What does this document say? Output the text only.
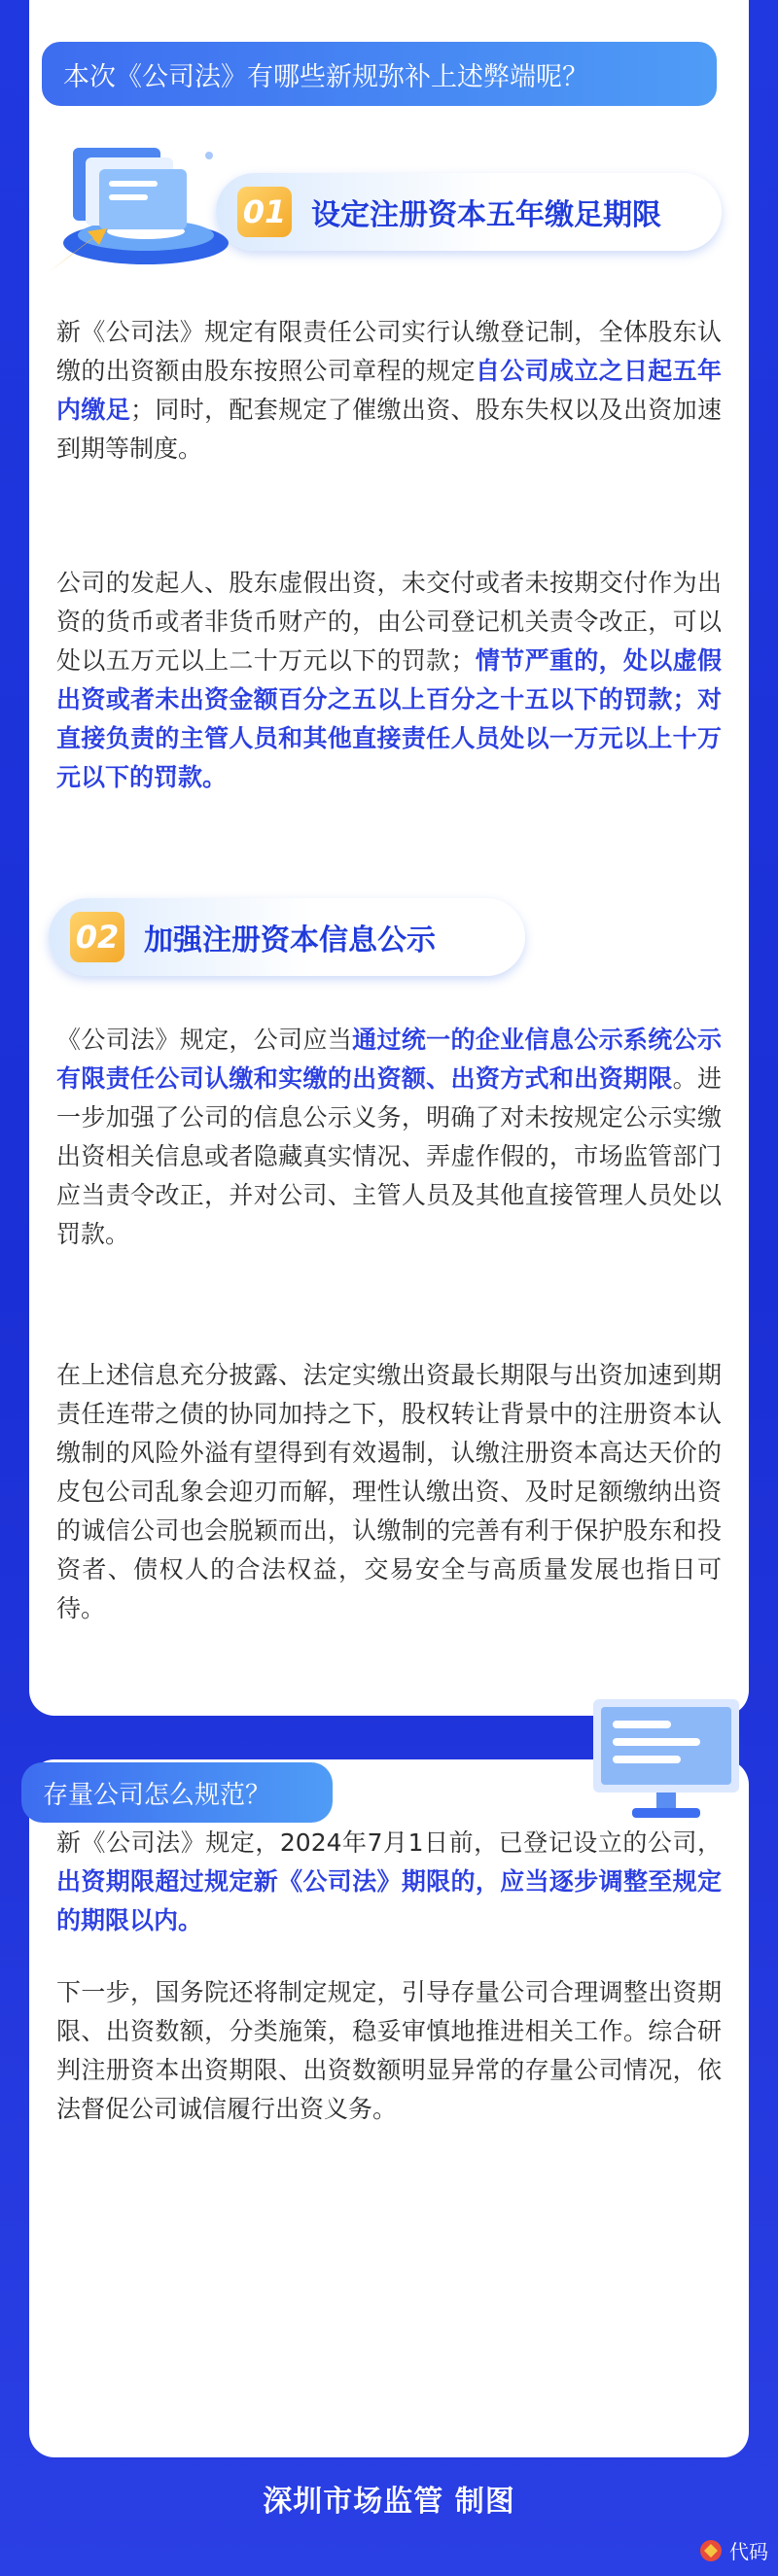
本次《公司法》有哪些新规弥补上述弊端呢？
01 设定注册资本五年缴足期限

新《公司法》规定有限责任公司实行认缴登记制，全体股东认缴的出资额由股东按照公司章程的规定自公司成立之日起五年内缴足；同时，配套规定了催缴出资、股东失权以及出资加速到期等制度。

公司的发起人、股东虚假出资，未交付或者未按期交付作为出资的货币或者非货币财产的，由公司登记机关责令改正，可以处以五万元以上二十万元以下的罚款；情节严重的，处以虚假出资或者未出资金额百分之五以上百分之十五以下的罚款；对直接负责的主管人员和其他直接责任人员处以一万元以上十万元以下的罚款。

02 加强注册资本信息公示

《公司法》规定，公司应当通过统一的企业信息公示系统公示有限责任公司认缴和实缴的出资额、出资方式和出资期限。进一步加强了公司的信息公示义务，明确了对未按规定公示实缴出资相关信息或者隐藏真实情况、弄虚作假的，市场监管部门应当责令改正，并对公司、主管人员及其他直接管理人员处以罚款。

在上述信息充分披露、法定实缴出资最长期限与出资加速到期责任连带之债的协同加持之下，股权转让背景中的注册资本认缴制的风险外溢有望得到有效遏制，认缴注册资本高达天价的皮包公司乱象会迎刃而解，理性认缴出资、及时足额缴纳出资的诚信公司也会脱颖而出，认缴制的完善有利于保护股东和投资者、债权人的合法权益，交易安全与高质量发展也指日可待。

存量公司怎么规范？

新《公司法》规定，2024年7月1日前，已登记设立的公司，出资期限超过规定新《公司法》期限的，应当逐步调整至规定的期限以内。

下一步，国务院还将制定规定，引导存量公司合理调整出资期限、出资数额，分类施策，稳妥审慎地推进相关工作。综合研判注册资本出资期限、出资数额明显异常的存量公司情况，依法督促公司诚信履行出资义务。

深圳市场监管 制图
代码
